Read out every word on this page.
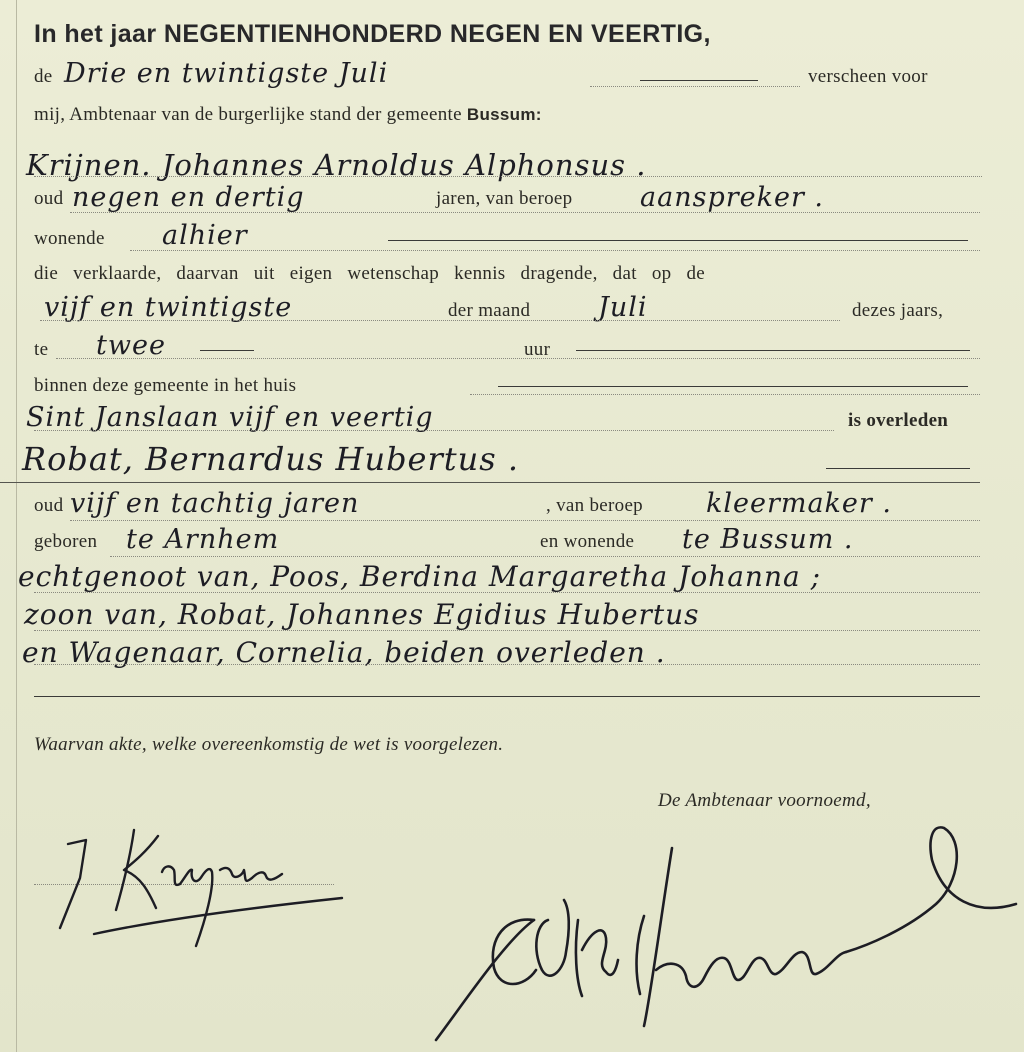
In het jaar NEGENTIENHONDERD NEGEN EN VEERTIG,
de Drie en twintigste Juli	verscheen voor
mij, Ambtenaar van de burgerlijke stand der gemeente Bussum:
Krijnen. Johannes Arnoldus Alphonsus .
oud negen en dertig	jaren, van beroep	aanspreker .
wonende alhier
die verklaarde, daarvan uit eigen wetenschap kennis dragende, dat op de
vijf en twintigste	der maand	Juli	dezes jaars,
te twee	uur
binnen deze gemeente in het huis
Sint Janslaan vijf en veertig	is overleden
Robat, Bernardus Hubertus .
oud vijf en tachtig jaren	, van beroep kleermaker .
geboren te Arnhem	en wonende te Bussum .
echtgenoot van, Poos, Berdina Margaretha Johanna ;
zoon van, Robat, Johannes Egidius Hubertus
en Wagenaar, Cornelia, beiden overleden .
Waarvan akte, welke overeenkomstig de wet is voorgelezen.
De Ambtenaar voornoemd,
